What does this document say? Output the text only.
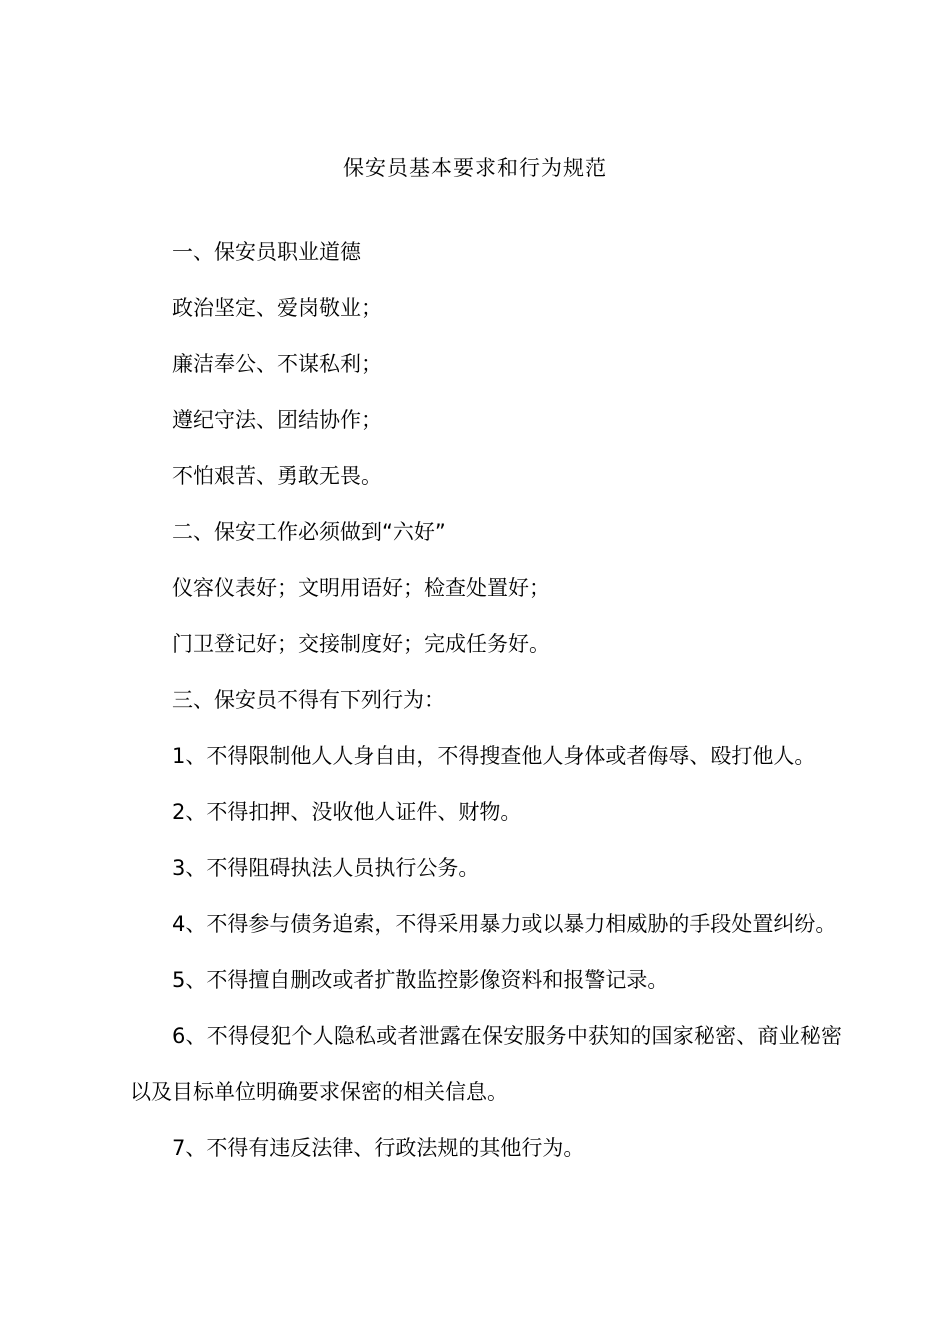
保安员基本要求和行为规范

一、保安员职业道德

政治坚定、爱岗敬业；

廉洁奉公、不谋私利；

遵纪守法、团结协作；

不怕艰苦、勇敢无畏。

二、保安工作必须做到“六好”

仪容仪表好；文明用语好；检查处置好；

门卫登记好；交接制度好；完成任务好。

三、保安员不得有下列行为：

1、不得限制他人人身自由，不得搜查他人身体或者侮辱、殴打他人。

2、不得扣押、没收他人证件、财物。

3、不得阻碍执法人员执行公务。

4、不得参与债务追索，不得采用暴力或以暴力相威胁的手段处置纠纷。

5、不得擅自删改或者扩散监控影像资料和报警记录。

6、不得侵犯个人隐私或者泄露在保安服务中获知的国家秘密、商业秘密以及目标单位明确要求保密的相关信息。

7、不得有违反法律、行政法规的其他行为。
